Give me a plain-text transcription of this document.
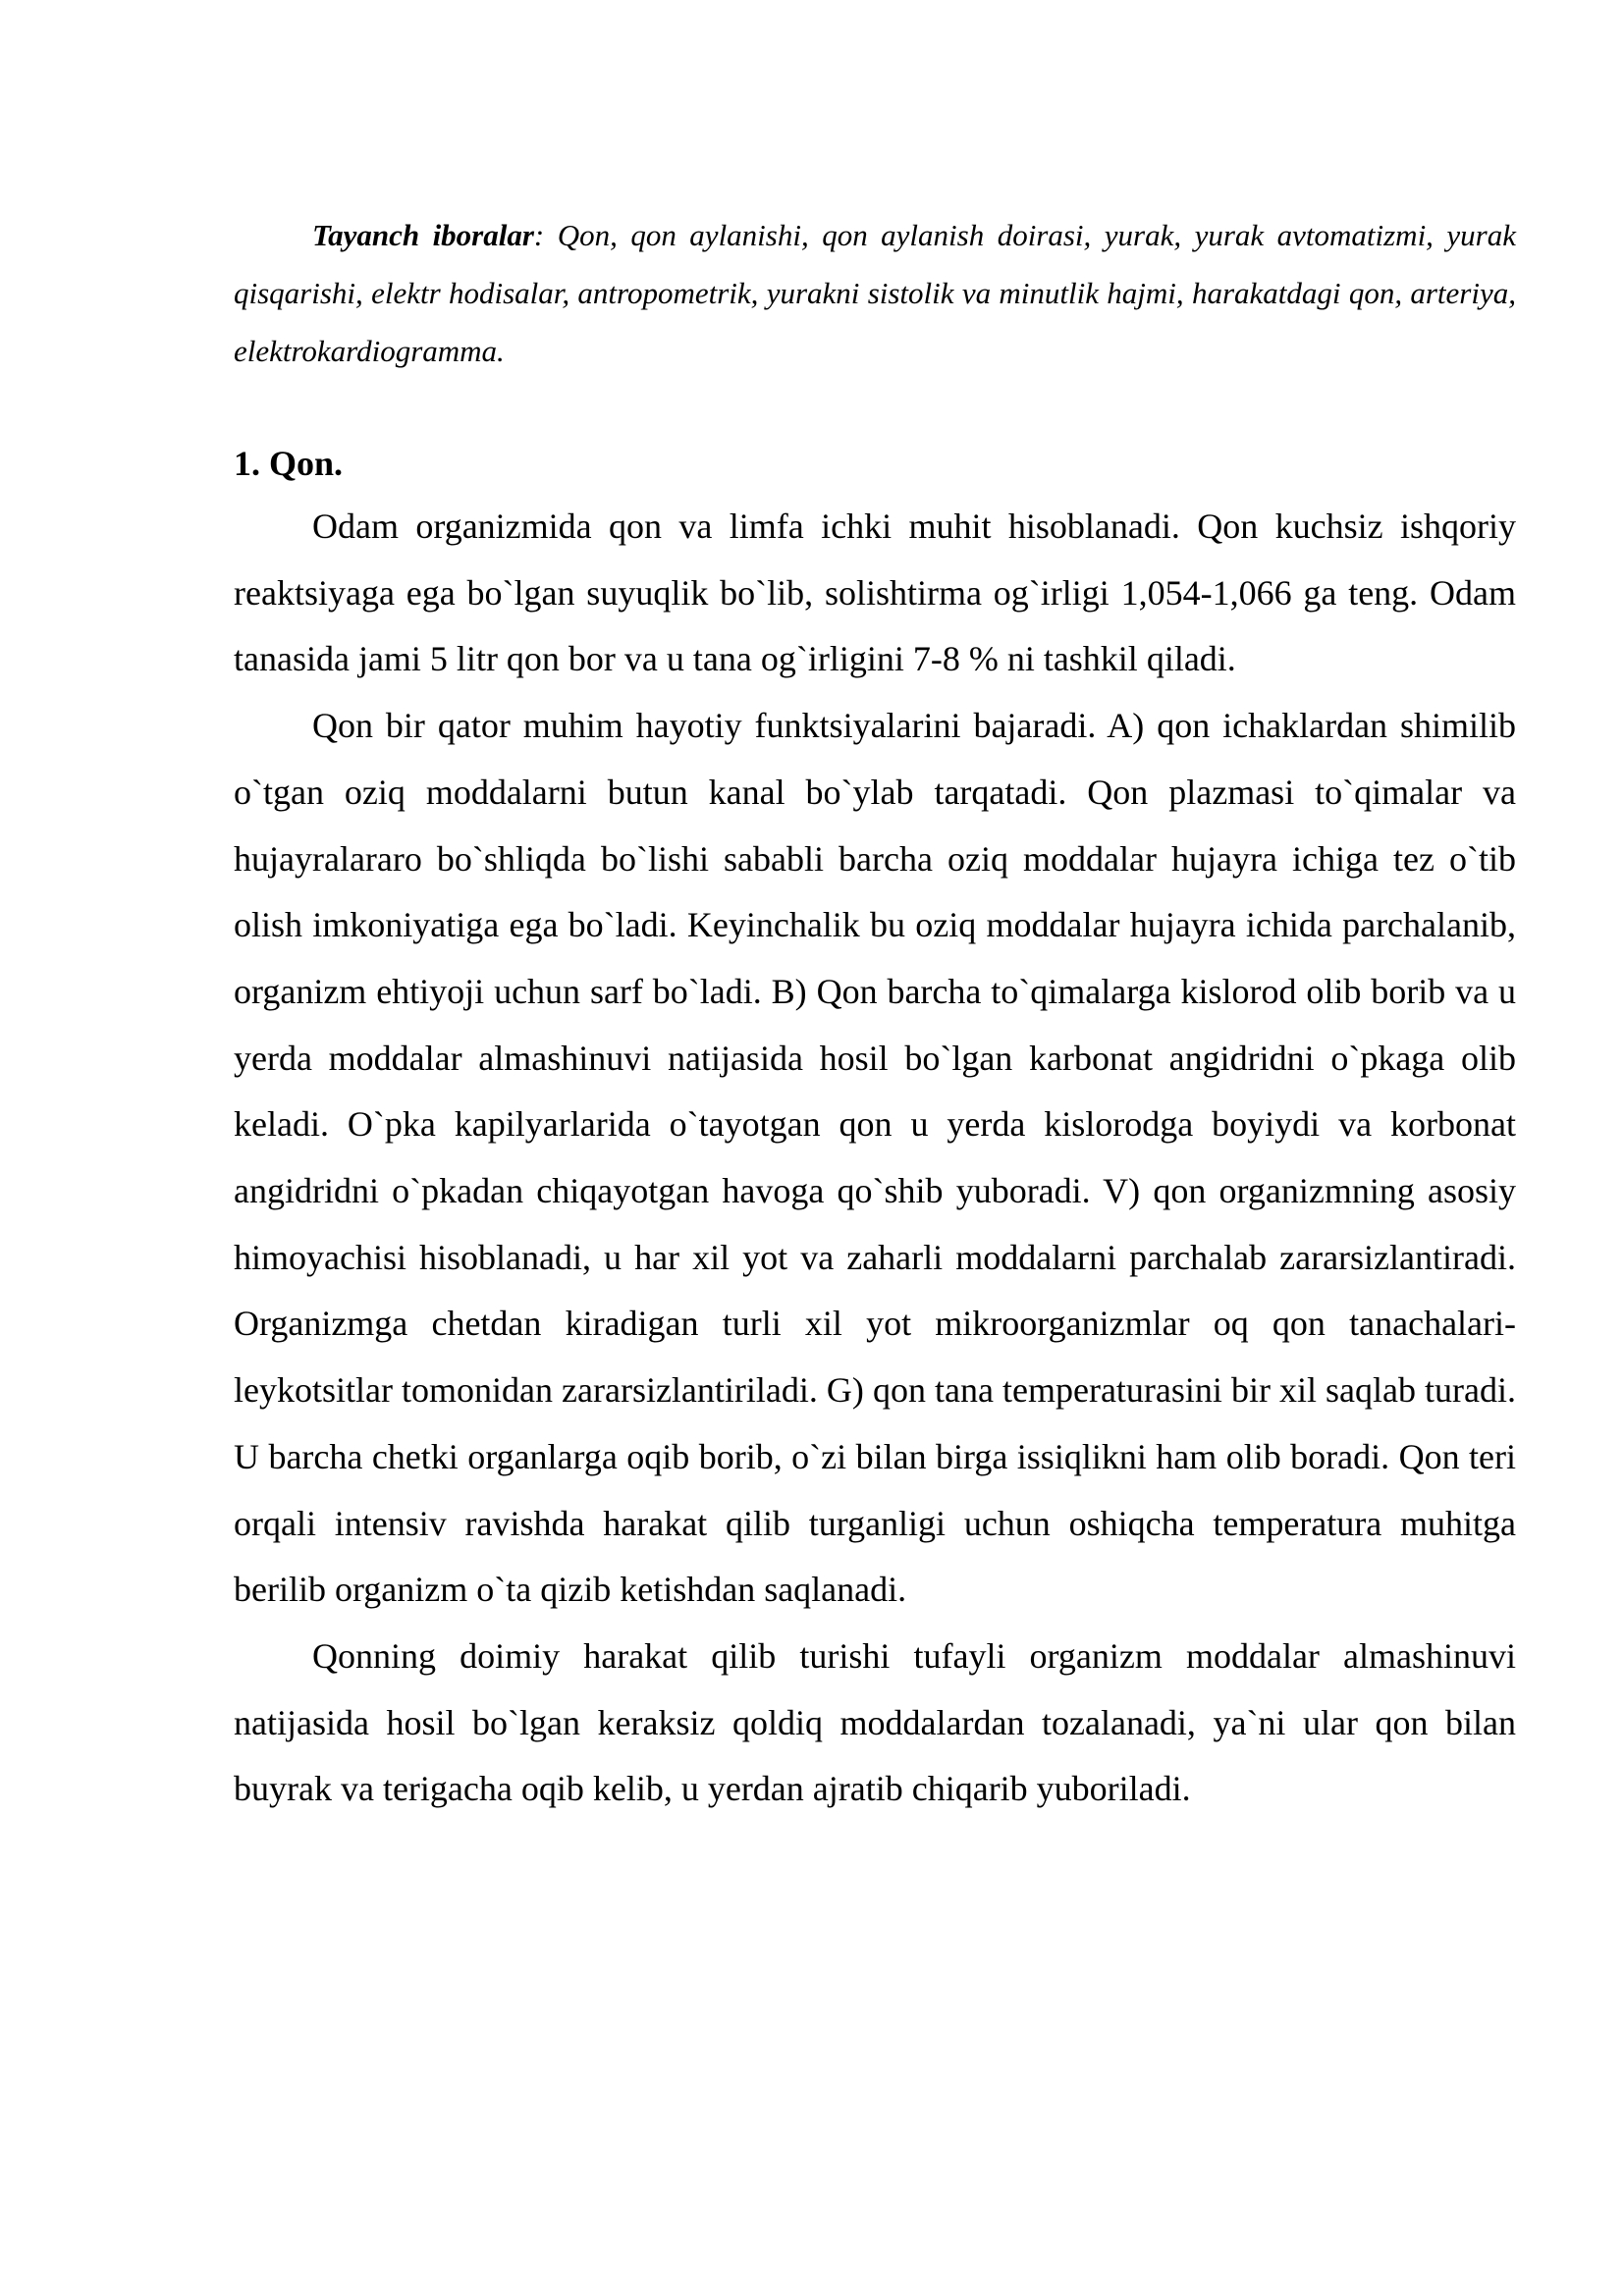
Tayanch iboralar: Qon, qon aylanishi, qon aylanish doirasi, yurak, yurak avtomatizmi, yurak qisqarishi, elektr hodisalar, antropometrik, yurakni sistolik va minutlik hajmi, harakatdagi qon, arteriya, elektrokardiogramma.

1. Qon.

Odam organizmida qon va limfa ichki muhit hisoblanadi. Qon kuchsiz ishqoriy reaktsiyaga ega bo`lgan suyuqlik bo`lib, solishtirma og`irligi 1,054-1,066 ga teng. Odam tanasida jami 5 litr qon bor va u tana og`irligini 7-8 % ni tashkil qiladi.

Qon bir qator muhim hayotiy funktsiyalarini bajaradi. A) qon ichaklardan shimilib o`tgan oziq moddalarni butun kanal bo`ylab tarqatadi. Qon plazmasi to`qimalar va hujayralararo bo`shliqda bo`lishi sababli barcha oziq moddalar hujayra ichiga tez o`tib olish imkoniyatiga ega bo`ladi. Keyinchalik bu oziq moddalar hujayra ichida parchalanib, organizm ehtiyoji uchun sarf bo`ladi. B) Qon barcha to`qimalarga kislorod olib borib va u yerda moddalar almashinuvi natijasida hosil bo`lgan karbonat angidridni o`pkaga olib keladi. O`pka kapilyarlarida o`tayotgan qon u yerda kislorodga boyiydi va korbonat angidridni o`pkadan chiqayotgan havoga qo`shib yuboradi. V) qon organizmning asosiy himoyachisi hisoblanadi, u har xil yot va zaharli moddalarni parchalab zararsizlantiradi. Organizmga chetdan kiradigan turli xil yot mikroorganizmlar oq qon tanachalari-leykotsitlar tomonidan zararsizlantiriladi. G) qon tana temperaturasini bir xil saqlab turadi. U barcha chetki organlarga oqib borib, o`zi bilan birga issiqlikni ham olib boradi. Qon teri orqali intensiv ravishda harakat qilib turganligi uchun oshiqcha temperatura muhitga berilib organizm o`ta qizib ketishdan saqlanadi.

Qonning doimiy harakat qilib turishi tufayli organizm moddalar almashinuvi natijasida hosil bo`lgan keraksiz qoldiq moddalardan tozalanadi, ya`ni ular qon bilan buyrak va terigacha oqib kelib, u yerdan ajratib chiqarib yuboriladi.
